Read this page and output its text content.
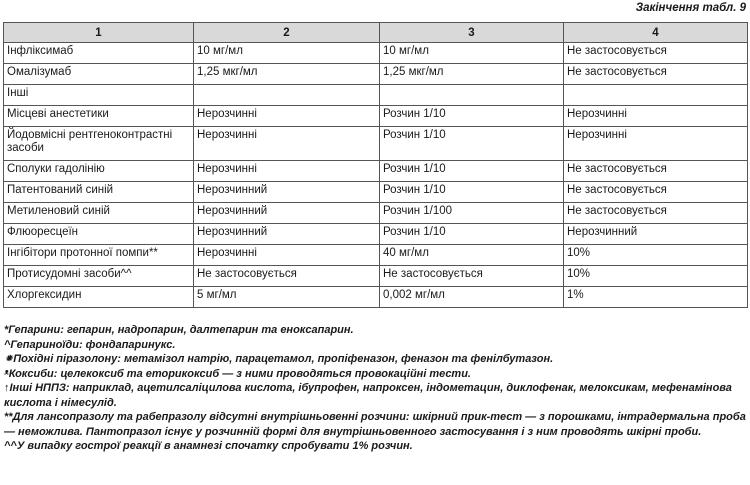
Закінчення табл. 9
1	2	3	4
Інфліксимаб	10 мг/мл	10 мг/мл	Не застосовується
Омалізумаб	1,25 мкг/мл	1,25 мкг/мл	Не застосовується
Інші			
Місцеві анестетики	Нерозчинні	Розчин 1/10	Нерозчинні
Йодовмісні рентгеноконтрастні засоби	Нерозчинні	Розчин 1/10	Нерозчинні
Сполуки гадолінію	Нерозчинні	Розчин 1/10	Не застосовується
Патентований синій	Нерозчинний	Розчин 1/10	Не застосовується
Метиленовий синій	Нерозчинний	Розчин 1/100	Не застосовується
Флюоресцеїн	Нерозчинний	Розчин 1/10	Нерозчинний
Інгібітори протонної помпи**	Нерозчинні	40 мг/мл	10%
Протисудомні засоби^^	Не застосовується	Не застосовується	10%
Хлоргексидин	5 мг/мл	0,002 мг/мл	1%

*Гепарини: гепарин, надропарин, далтепарин та еноксапарин.

^Гепариноїди: фондапаринукс.

⁕Похідні піразолону: метамізол натрію, парацетамол, пропіфеназон, феназон та фенілбутазон.

ᵜКоксиби: целекоксиб та еторикоксиб — з ними проводяться провокаційні тести.

↑Інші НППЗ: наприклад, ацетилсаліцилова кислота, ібупрофен, напроксен, індометацин, диклофенак, мелоксикам, мефенамінова кислота і німесулід.

**Для лансопразолу та рабепразолу відсутні внутрішньовенні розчини: шкірний прик-тест — з порошками, інтрадермальна проба — неможлива. Пантопразол існує у розчинній формі для внутрішньовенного застосування і з ним проводять шкірні проби.

^^У випадку гострої реакції в анамнезі спочатку спробувати 1% розчин.
